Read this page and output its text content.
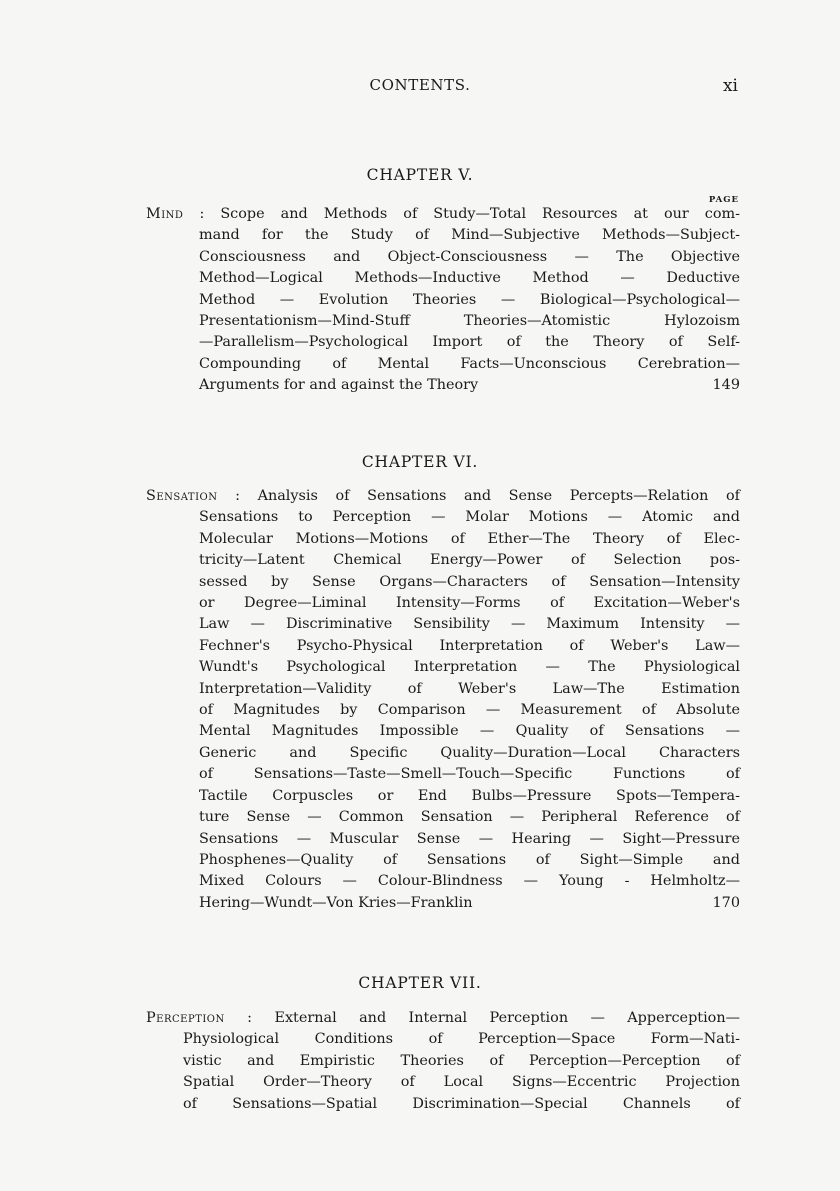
CONTENTS.	xi
CHAPTER V.
PAGE
Mind : Scope and Methods of Study—Total Resources at our com-
mand for the Study of Mind—Subjective Methods—Subject-
Consciousness and Object-Consciousness — The Objective
Method—Logical Methods—Inductive Method — Deductive
Method — Evolution Theories — Biological—Psychological—
Presentationism—Mind-Stuff Theories—Atomistic Hylozoism
—Parallelism—Psychological Import of the Theory of Self-
Compounding of Mental Facts—Unconscious Cerebration—
Arguments for and against the Theory	149
CHAPTER VI.
Sensation : Analysis of Sensations and Sense Percepts—Relation of
Sensations to Perception — Molar Motions — Atomic and
Molecular Motions—Motions of Ether—The Theory of Elec-
tricity—Latent Chemical Energy—Power of Selection pos-
sessed by Sense Organs—Characters of Sensation—Intensity
or Degree—Liminal Intensity—Forms of Excitation—Weber's
Law — Discriminative Sensibility — Maximum Intensity —
Fechner's Psycho-Physical Interpretation of Weber's Law—
Wundt's Psychological Interpretation — The Physiological
Interpretation—Validity of Weber's Law—The Estimation
of Magnitudes by Comparison — Measurement of Absolute
Mental Magnitudes Impossible — Quality of Sensations —
Generic and Specific Quality—Duration—Local Characters
of Sensations—Taste—Smell—Touch—Specific Functions of
Tactile Corpuscles or End Bulbs—Pressure Spots—Tempera-
ture Sense — Common Sensation — Peripheral Reference of
Sensations — Muscular Sense — Hearing — Sight—Pressure
Phosphenes—Quality of Sensations of Sight—Simple and
Mixed Colours — Colour-Blindness — Young - Helmholtz—
Hering—Wundt—Von Kries—Franklin	170
CHAPTER VII.
Perception : External and Internal Perception — Apperception—
Physiological Conditions of Perception—Space Form—Nati-
vistic and Empiristic Theories of Perception—Perception of
Spatial Order—Theory of Local Signs—Eccentric Projection
of Sensations—Spatial Discrimination—Special Channels of
